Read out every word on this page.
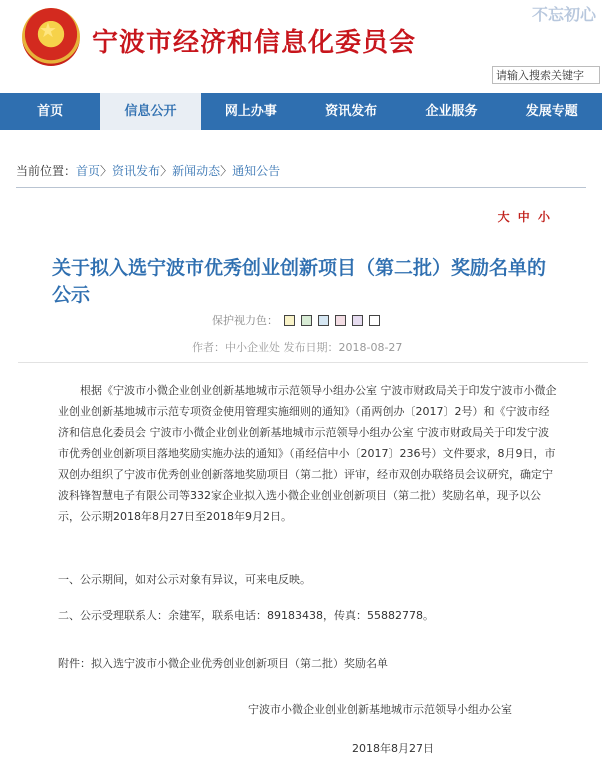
★ 宁波市经济和信息化委员会
不忘初心
请输入搜索关键字
首页	信息公开	网上办事	资讯发布	企业服务	发展专题
当前位置：首页〉资讯发布〉新闻动态〉通知公告
大 中 小
关于拟入选宁波市优秀创业创新项目（第二批）奖励名单的公示
保护视力色：
作者：中小企业处 发布日期：2018-08-27
根据《宁波市小微企业创业创新基地城市示范领导小组办公室 宁波市财政局关于印发宁波市小微企业创业创新基地城市示范专项资金使用管理实施细则的通知》（甬两创办〔2017〕2号）和《宁波市经济和信息化委员会 宁波市小微企业创业创新基地城市示范领导小组办公室 宁波市财政局关于印发宁波市优秀创业创新项目落地奖励实施办法的通知》（甬经信中小〔2017〕236号）文件要求，8月9日，市双创办组织了宁波市优秀创业创新落地奖励项目（第二批）评审，经市双创办联络员会议研究，确定宁波科锋智慧电子有限公司等332家企业拟入选小微企业创业创新项目（第二批）奖励名单，现予以公示，公示期2018年8月27日至2018年9月2日。
一、公示期间，如对公示对象有异议，可来电反映。
二、公示受理联系人：余建军，联系电话：89183438，传真：55882778。
附件：拟入选宁波市小微企业优秀创业创新项目（第二批）奖励名单
宁波市小微企业创业创新基地城市示范领导小组办公室
2018年8月27日
